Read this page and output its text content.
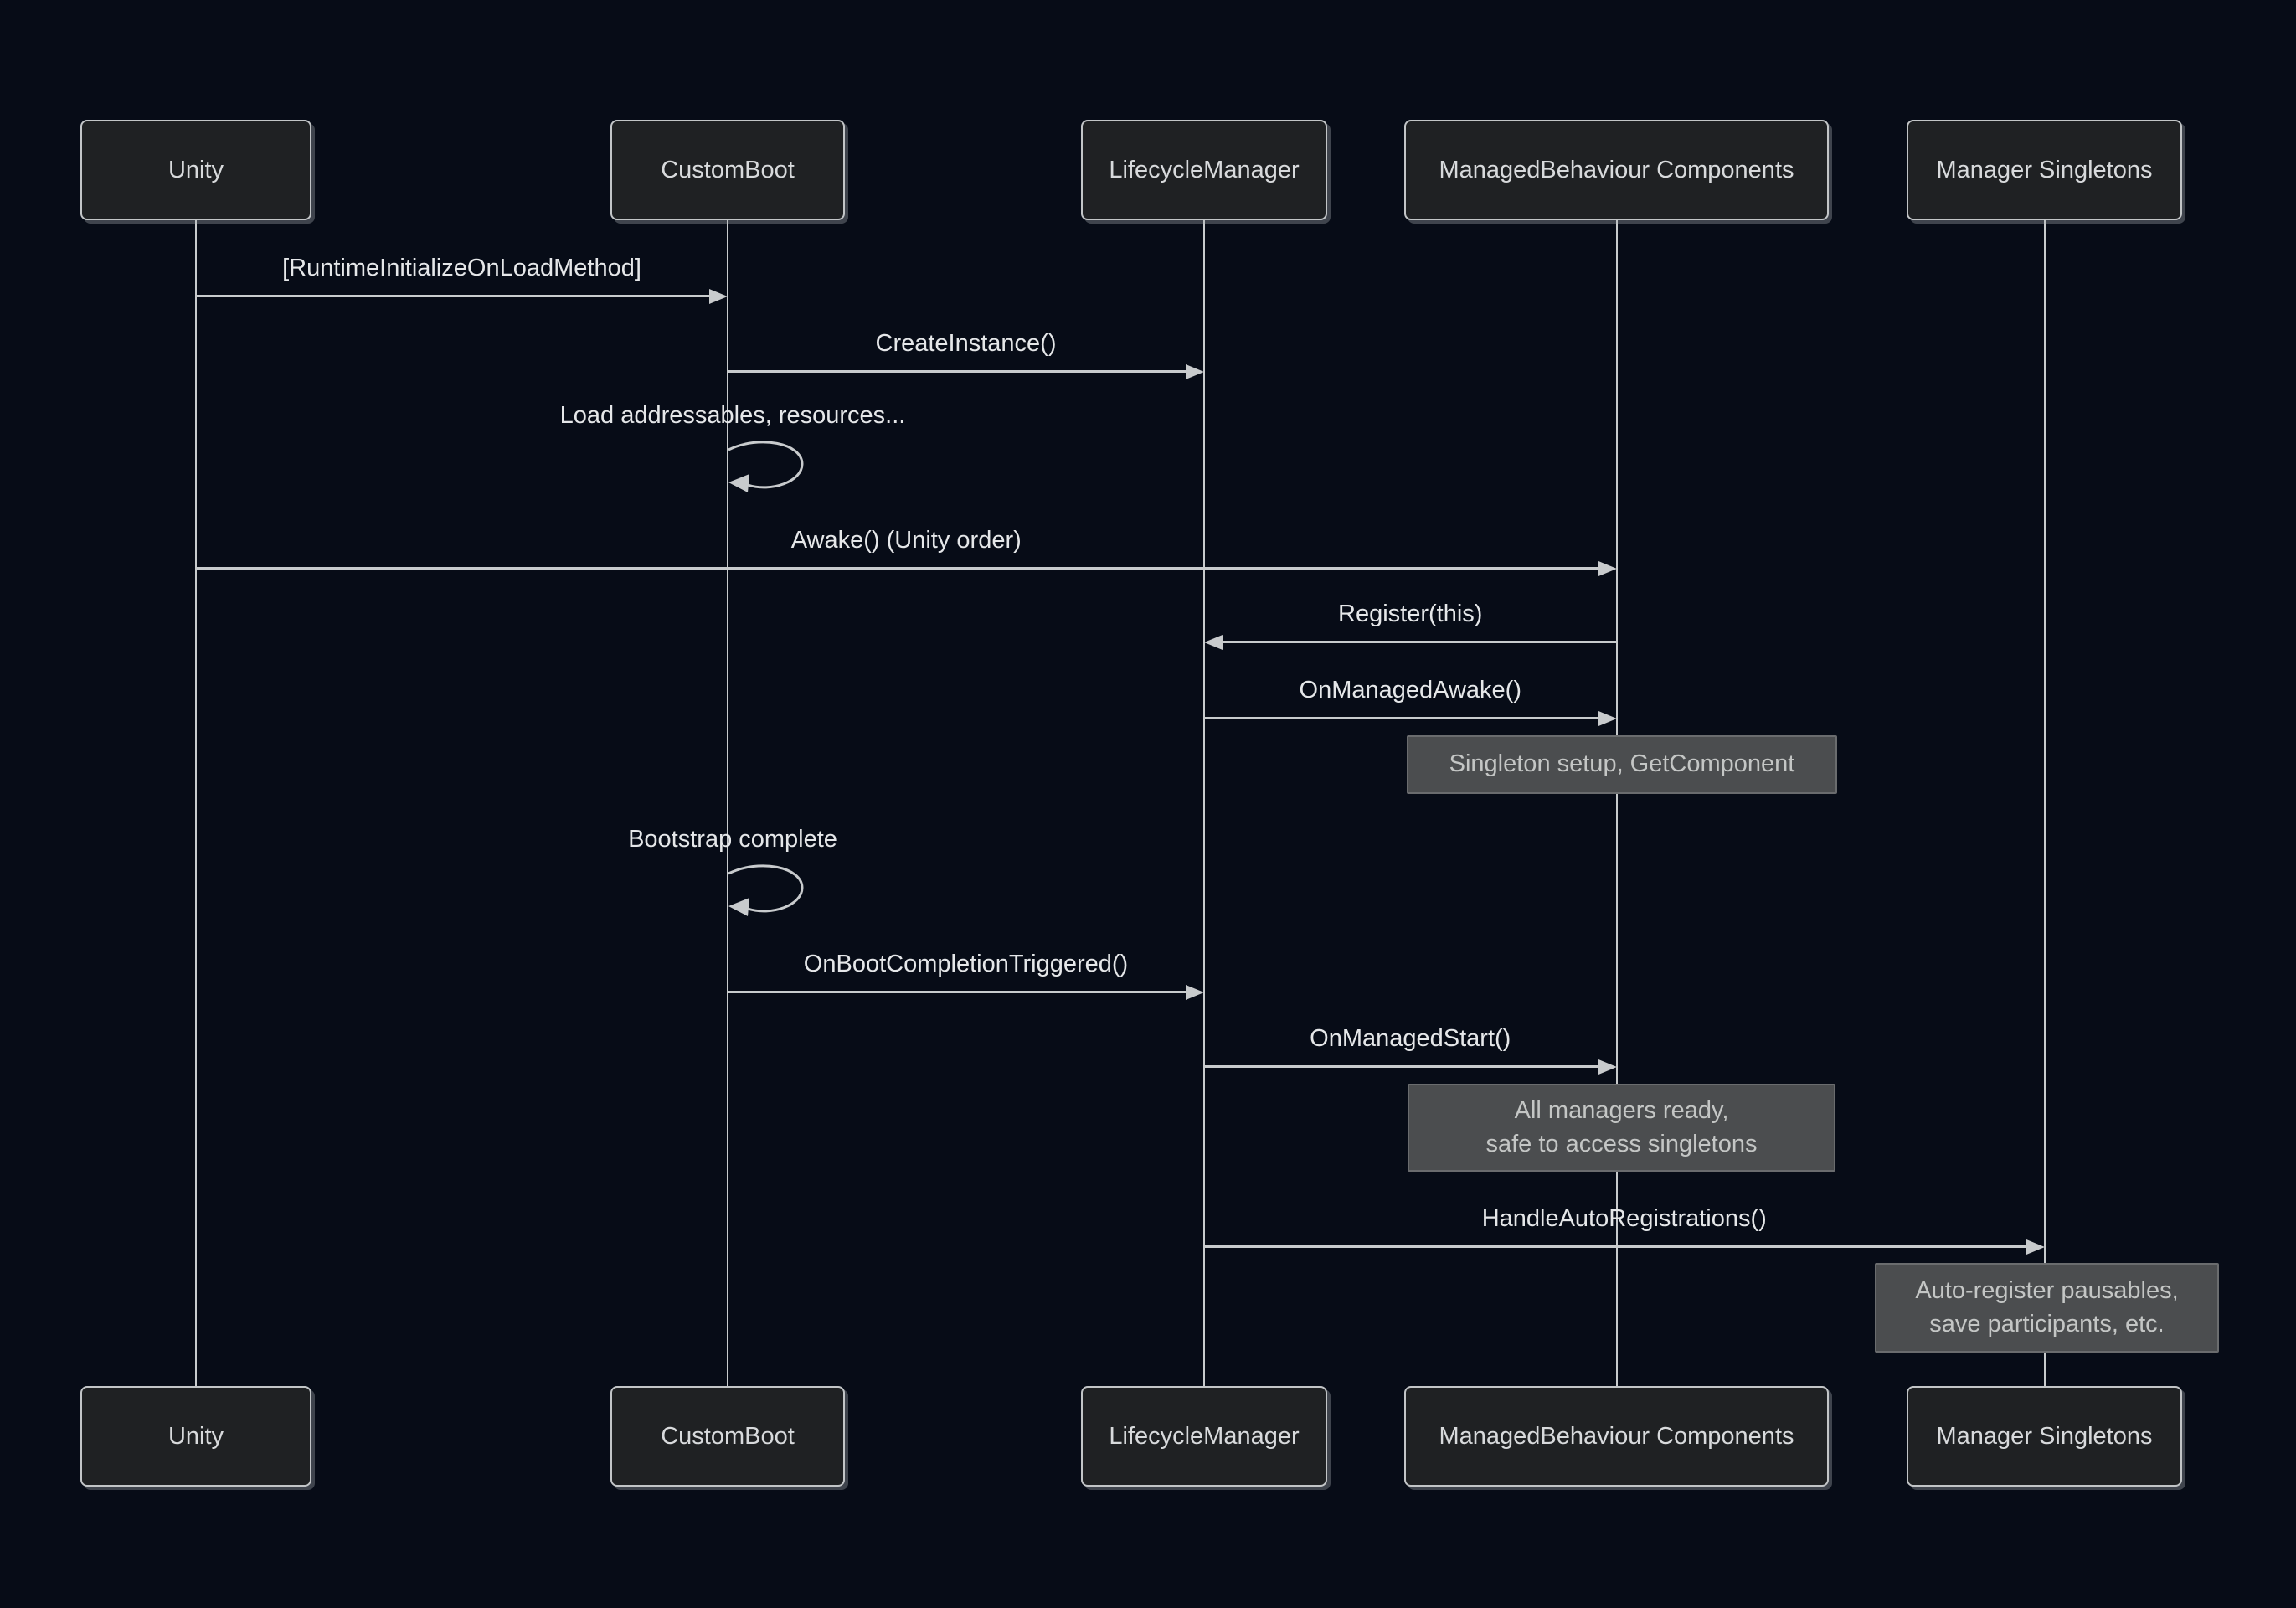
Unity
Unity
CustomBoot
CustomBoot
LifecycleManager
LifecycleManager
ManagedBehaviour Components
ManagedBehaviour Components
Manager Singletons
Manager Singletons
[RuntimeInitializeOnLoadMethod]
CreateInstance()
Load addressables, resources...
Awake() (Unity order)
Register(this)
OnManagedAwake()
Bootstrap complete
OnBootCompletionTriggered()
OnManagedStart()
HandleAutoRegistrations()
Singleton setup, GetComponent
All managers ready,
safe to access singletons
Auto-register pausables,
save participants, etc.
